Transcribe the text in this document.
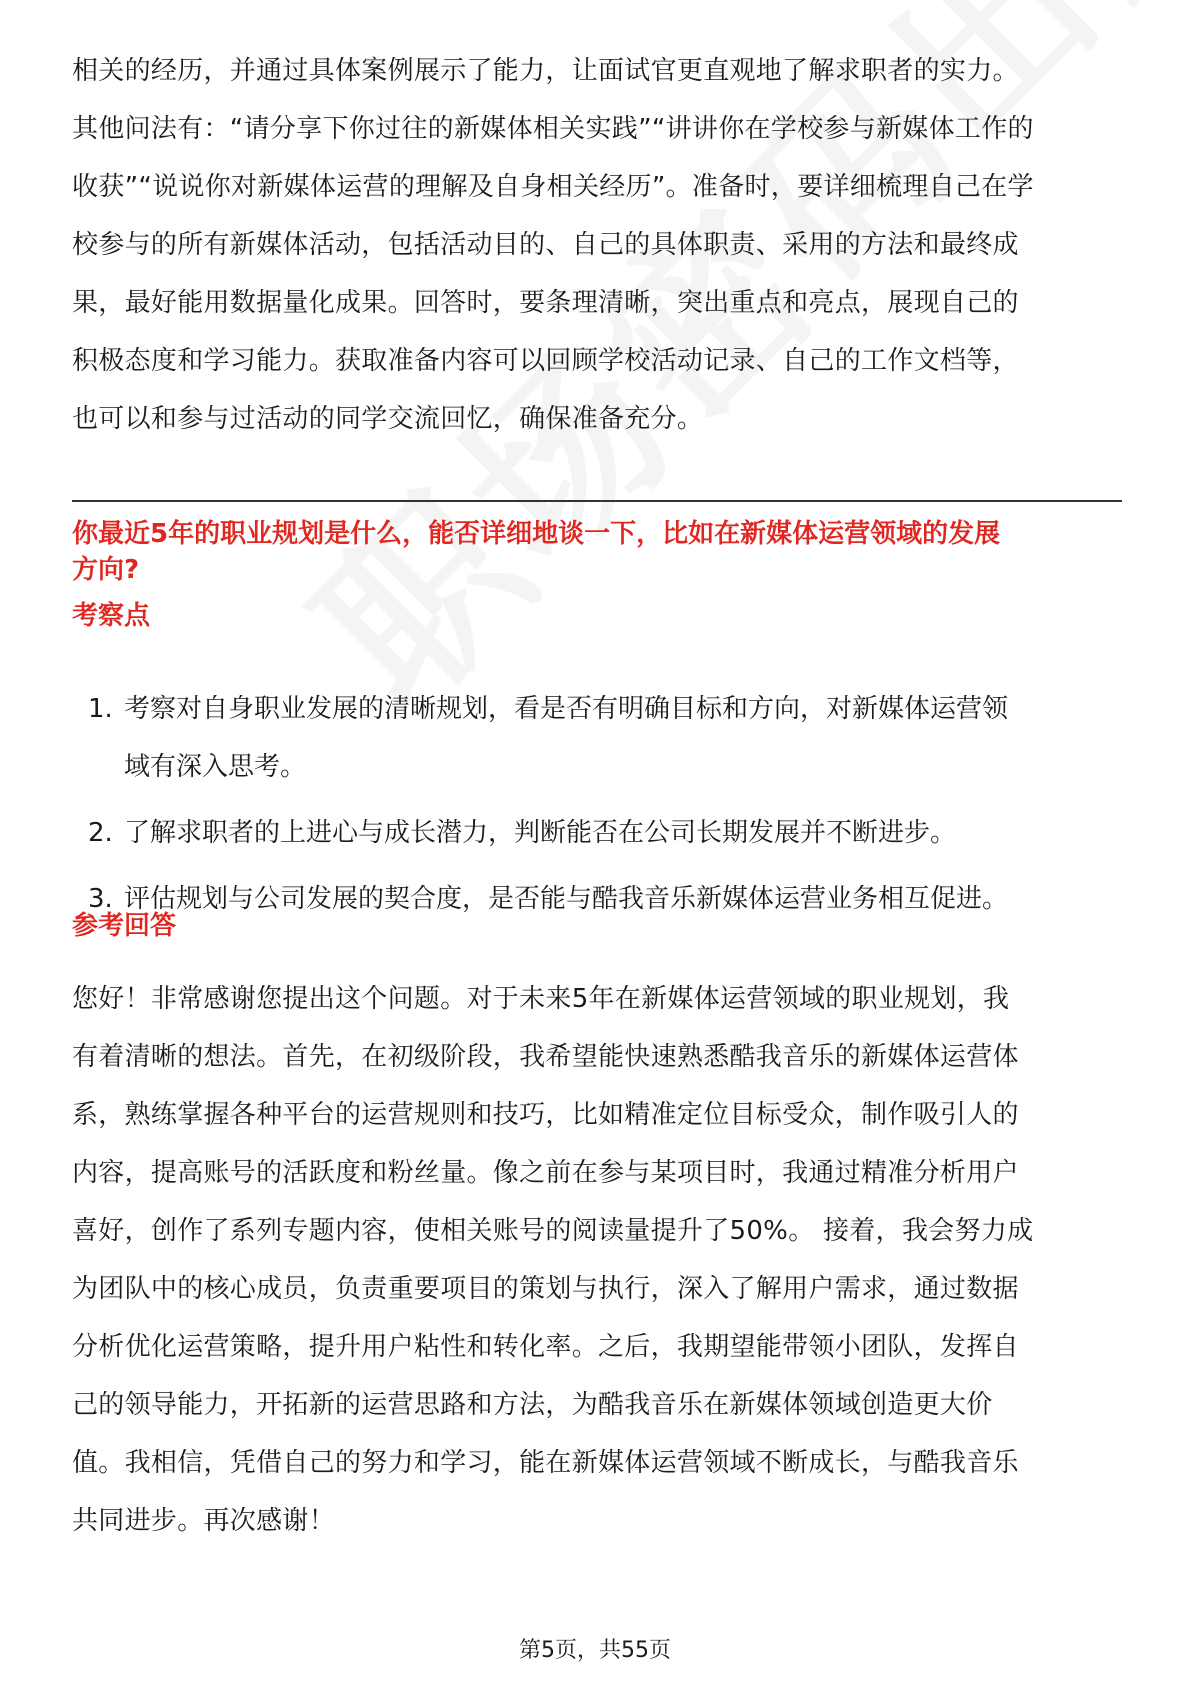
相关的经历，并通过具体案例展示了能力，让面试官更直观地了解求职者的实力。
其他问法有：“请分享下你过往的新媒体相关实践”“讲讲你在学校参与新媒体工作的
收获”“说说你对新媒体运营的理解及自身相关经历”。准备时，要详细梳理自己在学
校参与的所有新媒体活动，包括活动目的、自己的具体职责、采用的方法和最终成
果，最好能用数据量化成果。回答时，要条理清晰，突出重点和亮点，展现自己的
积极态度和学习能力。获取准备内容可以回顾学校活动记录、自己的工作文档等，
也可以和参与过活动的同学交流回忆，确保准备充分。
你最近5年的职业规划是什么，能否详细地谈一下，比如在新媒体运营领域的发展
方向?
考察点
1. 考察对自身职业发展的清晰规划，看是否有明确目标和方向，对新媒体运营领
域有深入思考。
2. 了解求职者的上进心与成长潜力，判断能否在公司长期发展并不断进步。
3. 评估规划与公司发展的契合度，是否能与酷我音乐新媒体运营业务相互促进。
参考回答
您好！非常感谢您提出这个问题。对于未来5年在新媒体运营领域的职业规划，我
有着清晰的想法。首先，在初级阶段，我希望能快速熟悉酷我音乐的新媒体运营体
系，熟练掌握各种平台的运营规则和技巧，比如精准定位目标受众，制作吸引人的
内容，提高账号的活跃度和粉丝量。像之前在参与某项目时，我通过精准分析用户
喜好，创作了系列专题内容，使相关账号的阅读量提升了50%。 接着，我会努力成
为团队中的核心成员，负责重要项目的策划与执行，深入了解用户需求，通过数据
分析优化运营策略，提升用户粘性和转化率。之后，我期望能带领小团队，发挥自
己的领导能力，开拓新的运营思路和方法，为酷我音乐在新媒体领域创造更大价
值。我相信，凭借自己的努力和学习，能在新媒体运营领域不断成长，与酷我音乐
共同进步。再次感谢！
第5页，共55页
